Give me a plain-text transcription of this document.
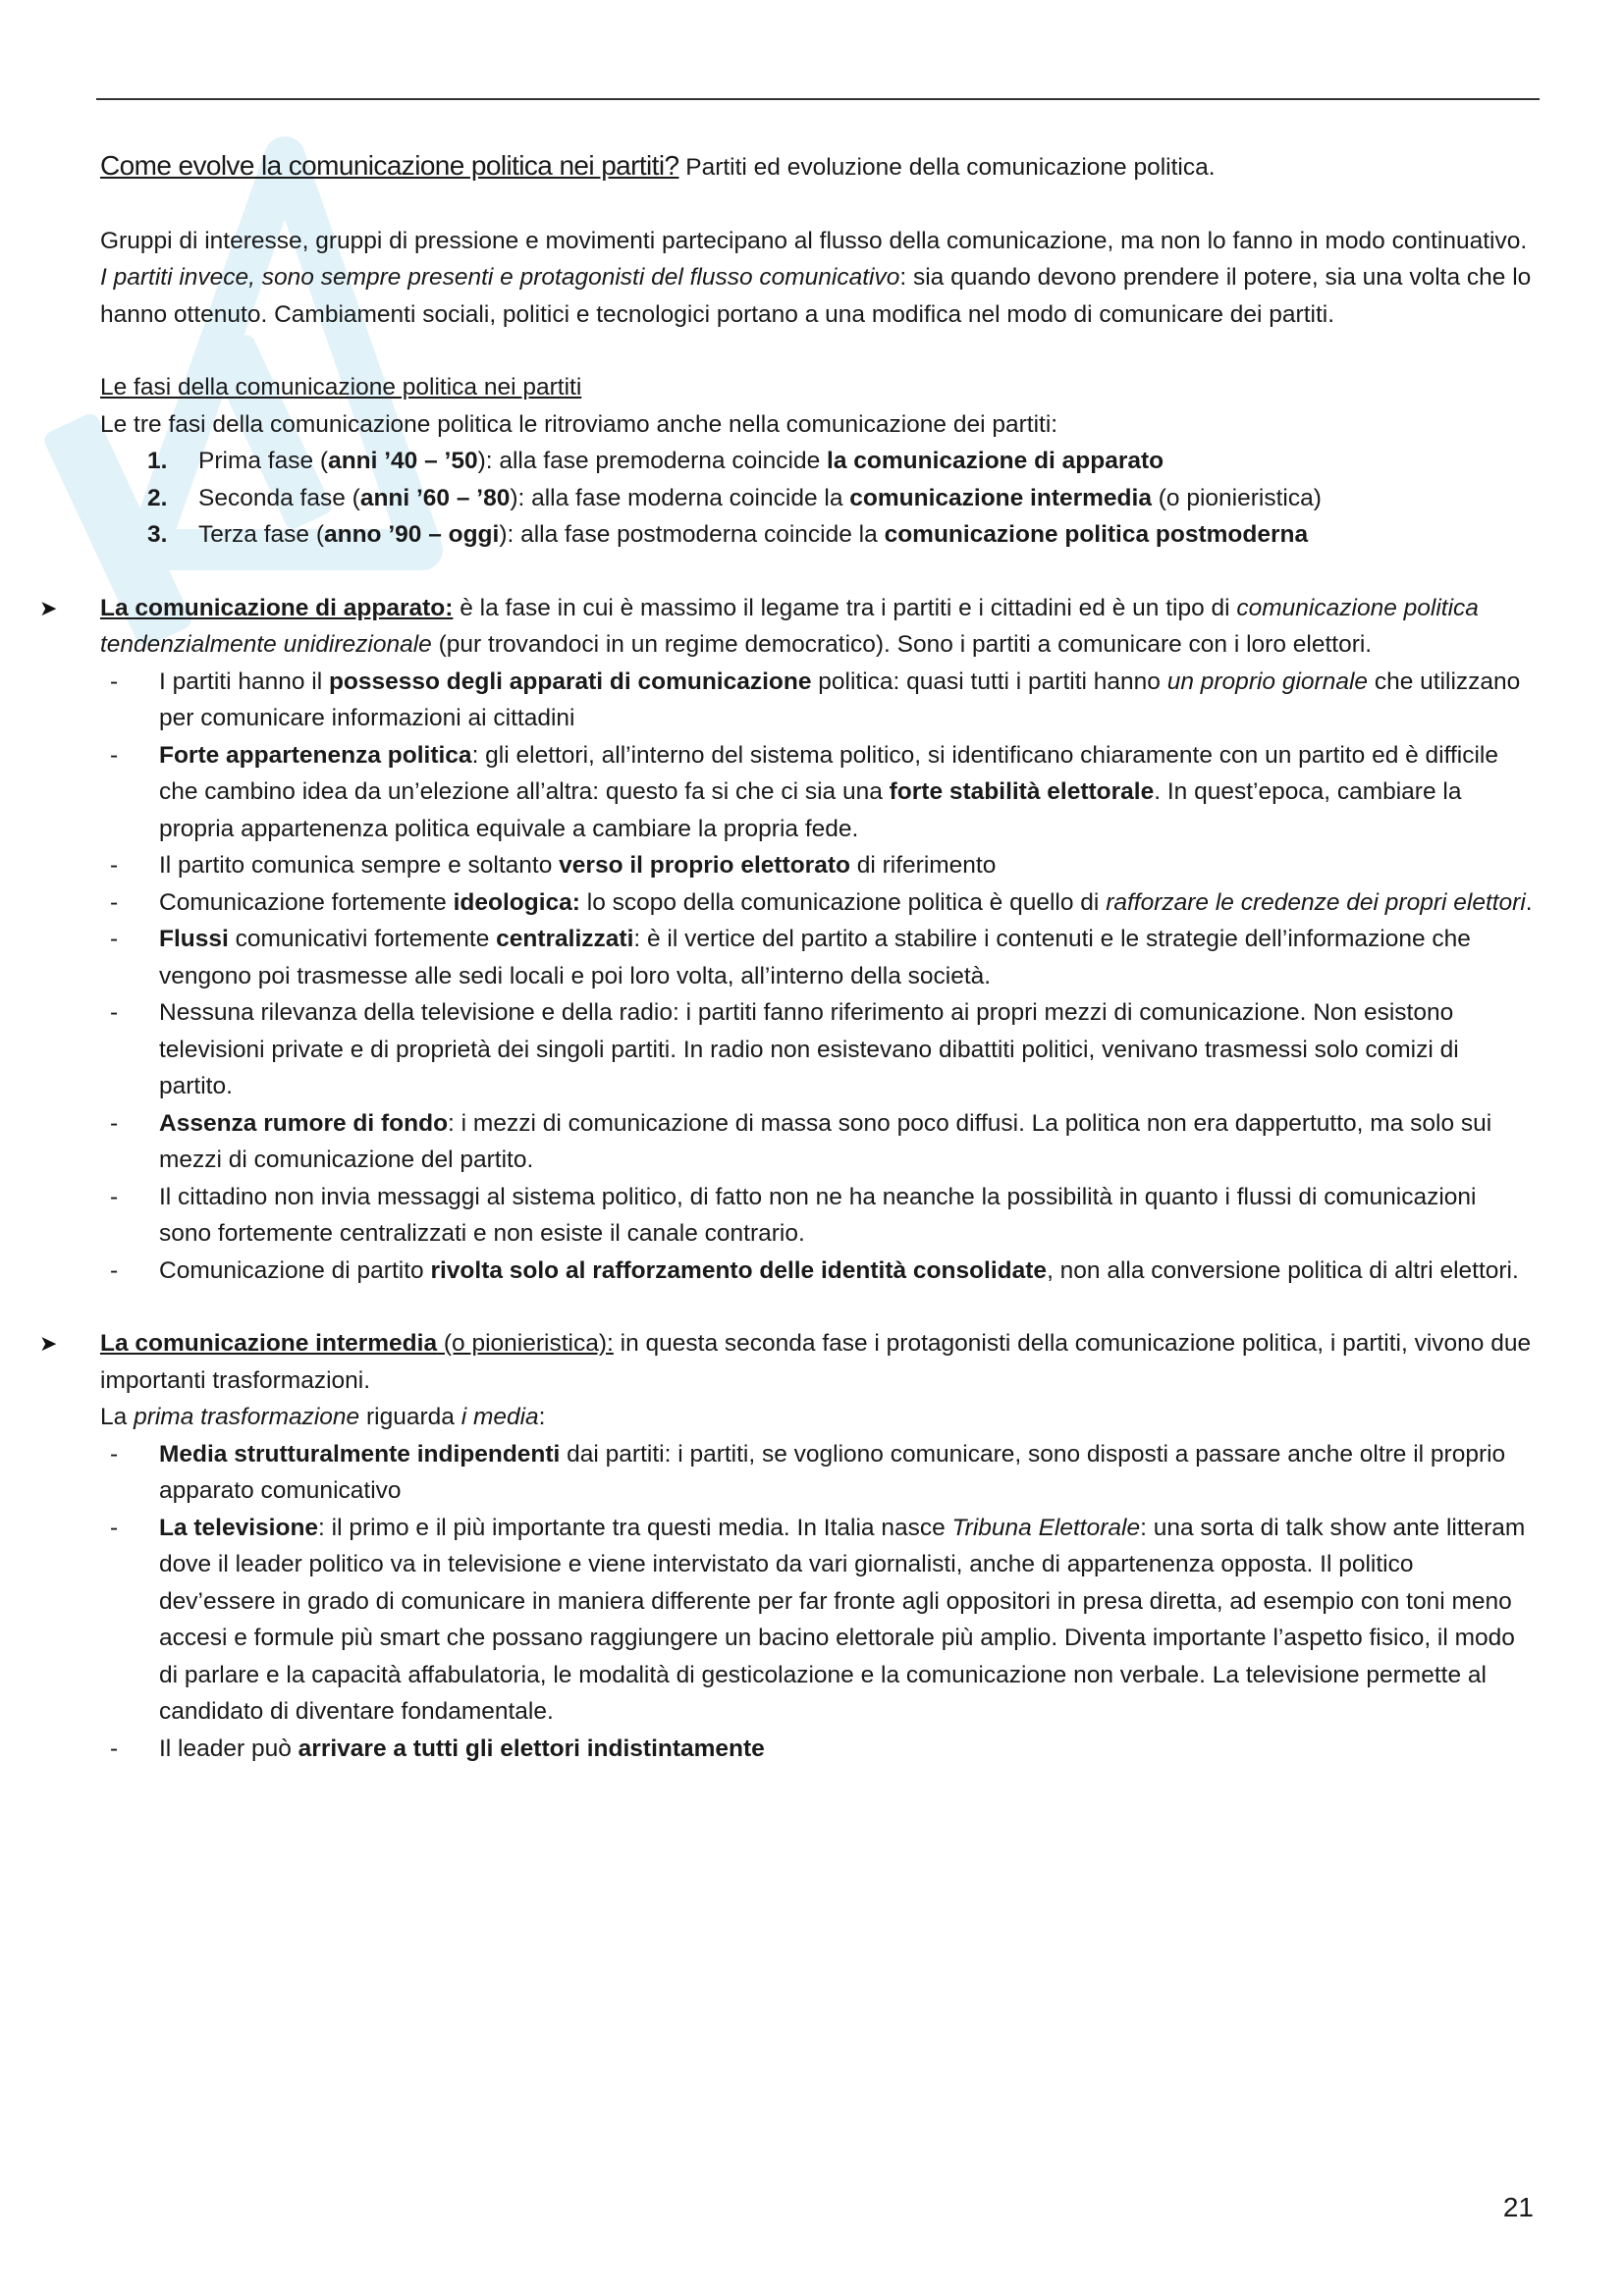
Come evolve la comunicazione politica nei partiti? Partiti ed evoluzione della comunicazione politica.

Gruppi di interesse, gruppi di pressione e movimenti partecipano al flusso della comunicazione, ma non lo fanno in modo continuativo. I partiti invece, sono sempre presenti e protagonisti del flusso comunicativo: sia quando devono prendere il potere, sia una volta che lo hanno ottenuto. Cambiamenti sociali, politici e tecnologici portano a una modifica nel modo di comunicare dei partiti.

Le fasi della comunicazione politica nei partiti

Le tre fasi della comunicazione politica le ritroviamo anche nella comunicazione dei partiti:

1. Prima fase (anni ’40 – ’50): alla fase premoderna coincide la comunicazione di apparato
2. Seconda fase (anni ’60 – ’80): alla fase moderna coincide la comunicazione intermedia (o pionieristica)
3. Terza fase (anno ’90 – oggi): alla fase postmoderna coincide la comunicazione politica postmoderna
➤ La comunicazione di apparato: è la fase in cui è massimo il legame tra i partiti e i cittadini ed è un tipo di comunicazione politica tendenzialmente unidirezionale (pur trovandoci in un regime democratico). Sono i partiti a comunicare con i loro elettori.

- I partiti hanno il possesso degli apparati di comunicazione politica: quasi tutti i partiti hanno un proprio giornale che utilizzano per comunicare informazioni ai cittadini
- Forte appartenenza politica: gli elettori, all’interno del sistema politico, si identificano chiaramente con un partito ed è difficile che cambino idea da un’elezione all’altra: questo fa si che ci sia una forte stabilità elettorale. In quest’epoca, cambiare la propria appartenenza politica equivale a cambiare la propria fede.
- Il partito comunica sempre e soltanto verso il proprio elettorato di riferimento
- Comunicazione fortemente ideologica: lo scopo della comunicazione politica è quello di rafforzare le credenze dei propri elettori.
- Flussi comunicativi fortemente centralizzati: è il vertice del partito a stabilire i contenuti e le strategie dell’informazione che vengono poi trasmesse alle sedi locali e poi loro volta, all’interno della società.
- Nessuna rilevanza della televisione e della radio: i partiti fanno riferimento ai propri mezzi di comunicazione. Non esistono televisioni private e di proprietà dei singoli partiti. In radio non esistevano dibattiti politici, venivano trasmessi solo comizi di partito.
- Assenza rumore di fondo: i mezzi di comunicazione di massa sono poco diffusi. La politica non era dappertutto, ma solo sui mezzi di comunicazione del partito.
- Il cittadino non invia messaggi al sistema politico, di fatto non ne ha neanche la possibilità in quanto i flussi di comunicazioni sono fortemente centralizzati e non esiste il canale contrario.
- Comunicazione di partito rivolta solo al rafforzamento delle identità consolidate, non alla conversione politica di altri elettori.
➤ La comunicazione intermedia (o pionieristica): in questa seconda fase i protagonisti della comunicazione politica, i partiti, vivono due importanti trasformazioni.

La prima trasformazione riguarda i media:

- Media strutturalmente indipendenti dai partiti: i partiti, se vogliono comunicare, sono disposti a passare anche oltre il proprio apparato comunicativo
- La televisione: il primo e il più importante tra questi media. In Italia nasce Tribuna Elettorale: una sorta di talk show ante litteram dove il leader politico va in televisione e viene intervistato da vari giornalisti, anche di appartenenza opposta. Il politico dev’essere in grado di comunicare in maniera differente per far fronte agli oppositori in presa diretta, ad esempio con toni meno accesi e formule più smart che possano raggiungere un bacino elettorale più amplio. Diventa importante l’aspetto fisico, il modo di parlare e la capacità affabulatoria, le modalità di gesticolazione e la comunicazione non verbale. La televisione permette al candidato di diventare fondamentale.
- Il leader può arrivare a tutti gli elettori indistintamente
21
